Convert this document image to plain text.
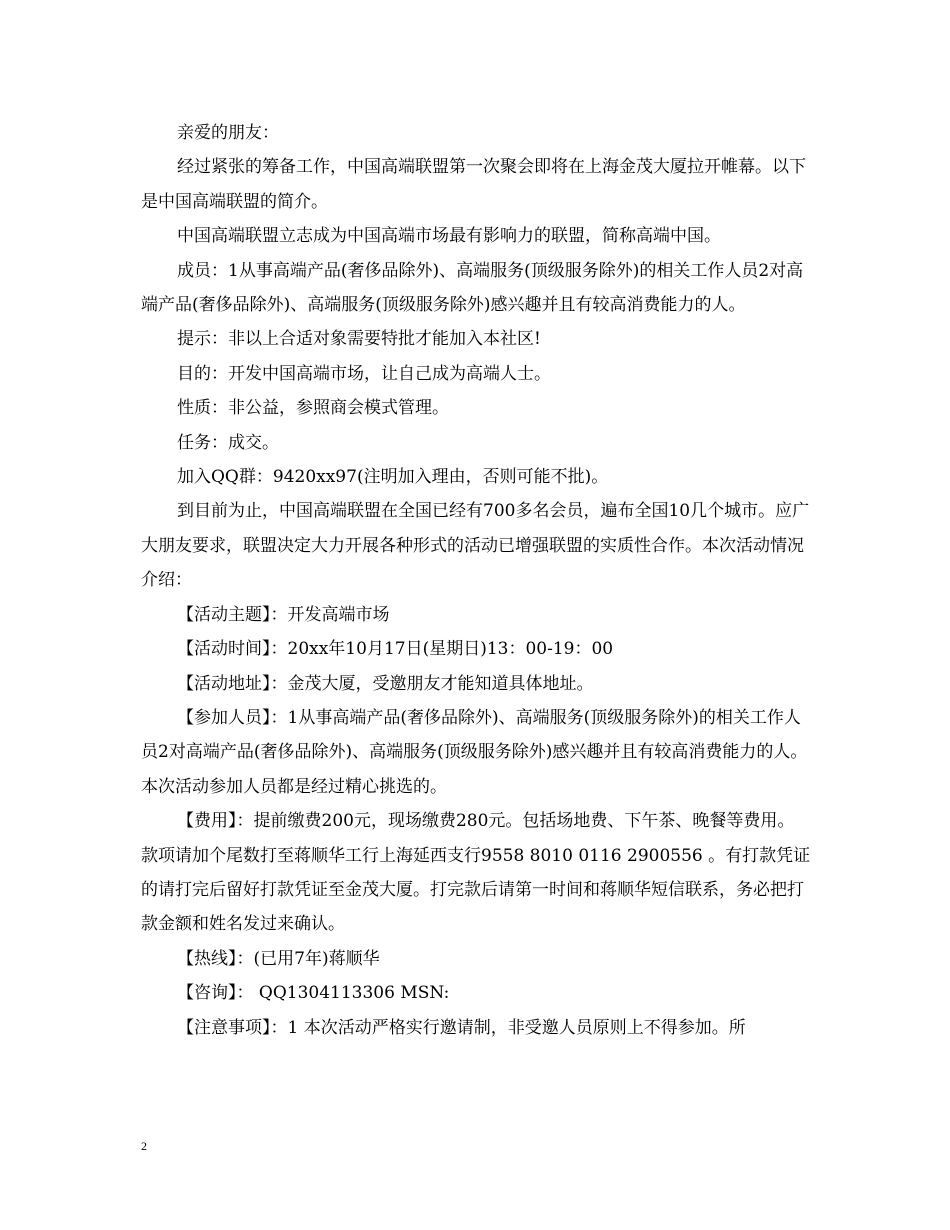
亲爱的朋友：

经过紧张的筹备工作，中国高端联盟第一次聚会即将在上海金茂大厦拉开帷幕。以下是中国高端联盟的简介。

中国高端联盟立志成为中国高端市场最有影响力的联盟，简称高端中国。

成员：1从事高端产品(奢侈品除外)、高端服务(顶级服务除外)的相关工作人员2对高端产品(奢侈品除外)、高端服务(顶级服务除外)感兴趣并且有较高消费能力的人。

提示：非以上合适对象需要特批才能加入本社区!

目的：开发中国高端市场，让自己成为高端人士。

性质：非公益，参照商会模式管理。

任务：成交。

加入QQ群：9420xx97(注明加入理由，否则可能不批)。

到目前为止，中国高端联盟在全国已经有700多名会员，遍布全国10几个城市。应广大朋友要求，联盟决定大力开展各种形式的活动已增强联盟的实质性合作。本次活动情况介绍：

【活动主题】：开发高端市场

【活动时间】：20xx年10月17日(星期日)13：00-19：00

【活动地址】：金茂大厦，受邀朋友才能知道具体地址。

【参加人员】：1从事高端产品(奢侈品除外)、高端服务(顶级服务除外)的相关工作人员2对高端产品(奢侈品除外)、高端服务(顶级服务除外)感兴趣并且有较高消费能力的人。本次活动参加人员都是经过精心挑选的。

【费用】：提前缴费200元，现场缴费280元。包括场地费、下午茶、晚餐等费用。款项请加个尾数打至蒋顺华工行上海延西支行9558 8010 0116 2900556 。有打款凭证的请打完后留好打款凭证至金茂大厦。打完款后请第一时间和蒋顺华短信联系，务必把打款金额和姓名发过来确认。

【热线】：(已用7年)蒋顺华

【咨询】： QQ1304113306 MSN:

【注意事项】：1 本次活动严格实行邀请制，非受邀人员原则上不得参加。所

2
